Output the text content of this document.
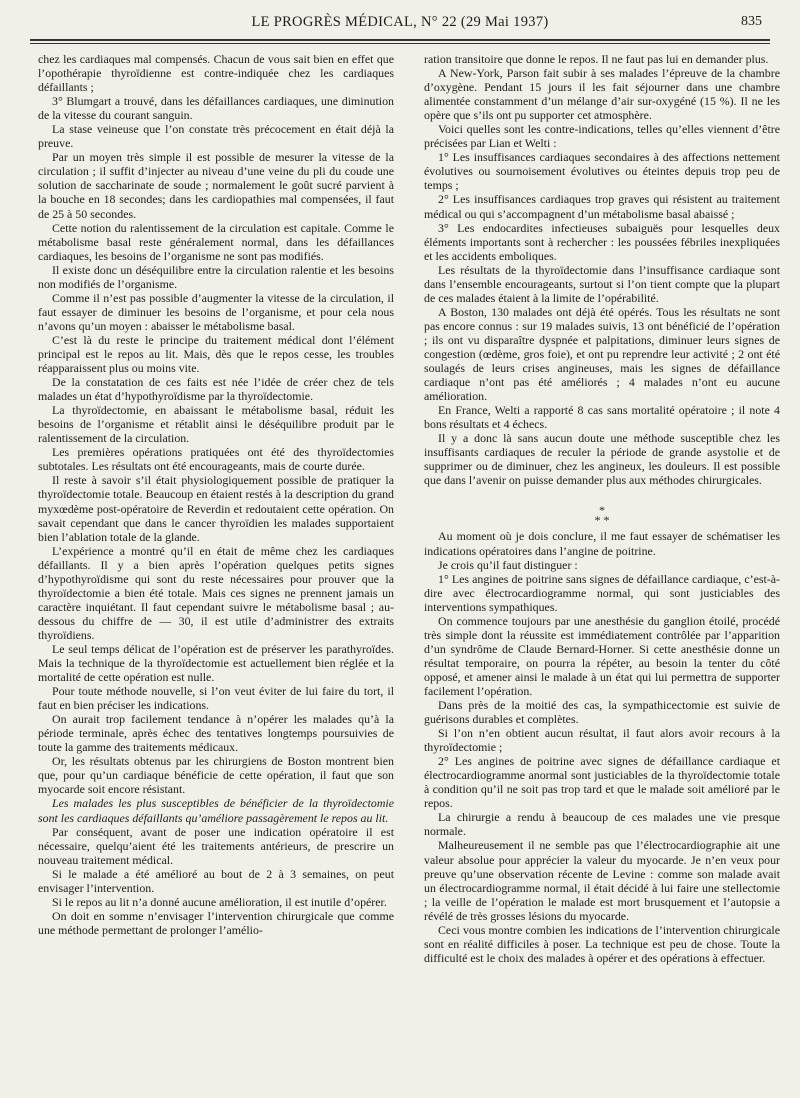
LE PROGRÈS MÉDICAL, N° 22 (29 Mai 1937)	835

chez les cardiaques mal compensés. Chacun de vous sait bien en effet que l’opothérapie thyroïdienne est contre-indiquée chez les cardiaques défaillants ;

3° Blumgart a trouvé, dans les défaillances cardiaques, une diminution de la vitesse du courant sanguin.

La stase veineuse que l’on constate très précocement en était déjà la preuve.

Par un moyen très simple il est possible de mesurer la vitesse de la circulation ; il suffit d’injecter au niveau d’une veine du pli du coude une solution de saccharinate de soude ; normalement le goût sucré parvient à la bouche en 18 secondes; dans les cardiopathies mal compensées, il faut de 25 à 50 secondes.

Cette notion du ralentissement de la circulation est capitale. Comme le métabolisme basal reste généralement normal, dans les défaillances cardiaques, les besoins de l’organisme ne sont pas modifiés.

Il existe donc un déséquilibre entre la circulation ralentie et les besoins non modifiés de l’organisme.

Comme il n’est pas possible d’augmenter la vitesse de la circulation, il faut essayer de diminuer les besoins de l’organisme, et pour cela nous n’avons qu’un moyen : abaisser le métabolisme basal.

C’est là du reste le principe du traitement médical dont l’élément principal est le repos au lit. Mais, dès que le repos cesse, les troubles réapparaissent plus ou moins vite.

De la constatation de ces faits est née l’idée de créer chez de tels malades un état d’hypothyroïdisme par la thyroïdectomie.

La thyroïdectomie, en abaissant le métabolisme basal, réduit les besoins de l’organisme et rétablit ainsi le déséquilibre produit par le ralentissement de la circulation.

Les premières opérations pratiquées ont été des thyroïdectomies subtotales. Les résultats ont été encourageants, mais de courte durée.

Il reste à savoir s’il était physiologiquement possible de pratiquer la thyroïdectomie totale. Beaucoup en étaient restés à la description du grand myxœdème post-opératoire de Reverdin et redoutaient cette opération. On savait cependant que dans le cancer thyroïdien les malades supportaient bien l’ablation totale de la glande.

L’expérience a montré qu’il en était de même chez les cardiaques défaillants. Il y a bien après l’opération quelques petits signes d’hypothyroïdisme qui sont du reste nécessaires pour prouver que la thyroïdectomie a bien été totale. Mais ces signes ne prennent jamais un caractère inquiétant. Il faut cependant suivre le métabolisme basal ; au-dessous du chiffre de — 30, il est utile d’administrer des extraits thyroïdiens.

Le seul temps délicat de l’opération est de préserver les parathyroïdes. Mais la technique de la thyroïdectomie est actuellement bien réglée et la mortalité de cette opération est nulle.

Pour toute méthode nouvelle, si l’on veut éviter de lui faire du tort, il faut en bien préciser les indications.

On aurait trop facilement tendance à n’opérer les malades qu’à la période terminale, après échec des tentatives longtemps poursuivies de toute la gamme des traitements médicaux.

Or, les résultats obtenus par les chirurgiens de Boston montrent bien que, pour qu’un cardiaque bénéficie de cette opération, il faut que son myocarde soit encore résistant.

Les malades les plus susceptibles de bénéficier de la thyroïdectomie sont les cardiaques défaillants qu’améliore passagèrement le repos au lit.

Par conséquent, avant de poser une indication opératoire il est nécessaire, quelqu’aient été les traitements antérieurs, de prescrire un nouveau traitement médical.

Si le malade a été amélioré au bout de 2 à 3 semaines, on peut envisager l’intervention.

Si le repos au lit n’a donné aucune amélioration, il est inutile d’opérer.

On doit en somme n’envisager l’intervention chirurgicale que comme une méthode permettant de prolonger l’amélio-

ration transitoire que donne le repos. Il ne faut pas lui en demander plus.

A New-York, Parson fait subir à ses malades l’épreuve de la chambre d’oxygène. Pendant 15 jours il les fait séjourner dans une chambre alimentée constamment d’un mélange d’air sur-oxygéné (15 %). Il ne les opère que s’ils ont pu supporter cet atmosphère.

Voici quelles sont les contre-indications, telles qu’elles viennent d’être précisées par Lian et Welti :

1° Les insuffisances cardiaques secondaires à des affections nettement évolutives ou sournoisement évolutives ou éteintes depuis trop peu de temps ;

2° Les insuffisances cardiaques trop graves qui résistent au traitement médical ou qui s’accompagnent d’un métabolisme basal abaissé ;

3° Les endocardites infectieuses subaiguës pour lesquelles deux éléments importants sont à rechercher : les poussées fébriles inexpliquées et les accidents emboliques.

Les résultats de la thyroïdectomie dans l’insuffisance cardiaque sont dans l’ensemble encourageants, surtout si l’on tient compte que la plupart de ces malades étaient à la limite de l’opérabilité.

A Boston, 130 malades ont déjà été opérés. Tous les résultats ne sont pas encore connus : sur 19 malades suivis, 13 ont bénéficié de l’opération ; ils ont vu disparaître dyspnée et palpitations, diminuer leurs signes de congestion (œdème, gros foie), et ont pu reprendre leur activité ; 2 ont été soulagés de leurs crises angineuses, mais les signes de défaillance cardiaque n’ont pas été améliorés ; 4 malades n’ont eu aucune amélioration.

En France, Welti a rapporté 8 cas sans mortalité opératoire ; il note 4 bons résultats et 4 échecs.

Il y a donc là sans aucun doute une méthode susceptible chez les insuffisants cardiaques de reculer la période de grande asystolie et de supprimer ou de diminuer, chez les angineux, les douleurs. Il est possible que dans l’avenir on puisse demander plus aux méthodes chirurgicales.

*
* *

Au moment où je dois conclure, il me faut essayer de schématiser les indications opératoires dans l’angine de poitrine.

Je crois qu’il faut distinguer :

1° Les angines de poitrine sans signes de défaillance cardiaque, c’est-à-dire avec électrocardiogramme normal, qui sont justiciables des interventions sympathiques.

On commence toujours par une anesthésie du ganglion étoilé, procédé très simple dont la réussite est immédiatement contrôlée par l’apparition d’un syndrôme de Claude Bernard-Horner. Si cette anesthésie donne un résultat temporaire, on pourra la répéter, au besoin la tenter du côté opposé, et amener ainsi le malade à un état qui lui permettra de supporter facilement l’opération.

Dans près de la moitié des cas, la sympathicectomie est suivie de guérisons durables et complètes.

Si l’on n’en obtient aucun résultat, il faut alors avoir recours à la thyroïdectomie ;

2° Les angines de poitrine avec signes de défaillance cardiaque et électrocardiogramme anormal sont justiciables de la thyroïdectomie totale à condition qu’il ne soit pas trop tard et que le malade soit amélioré par le repos.

La chirurgie a rendu à beaucoup de ces malades une vie presque normale.

Malheureusement il ne semble pas que l’électrocardiographie ait une valeur absolue pour apprécier la valeur du myocarde. Je n’en veux pour preuve qu’une observation récente de Levine : comme son malade avait un électrocardiogramme normal, il était décidé à lui faire une stellectomie ; la veille de l’opération le malade est mort brusquement et l’autopsie a révélé de très grosses lésions du myocarde.

Ceci vous montre combien les indications de l’intervention chirurgicale sont en réalité difficiles à poser. La technique est peu de chose. Toute la difficulté est le choix des malades à opérer et des opérations à effectuer.
